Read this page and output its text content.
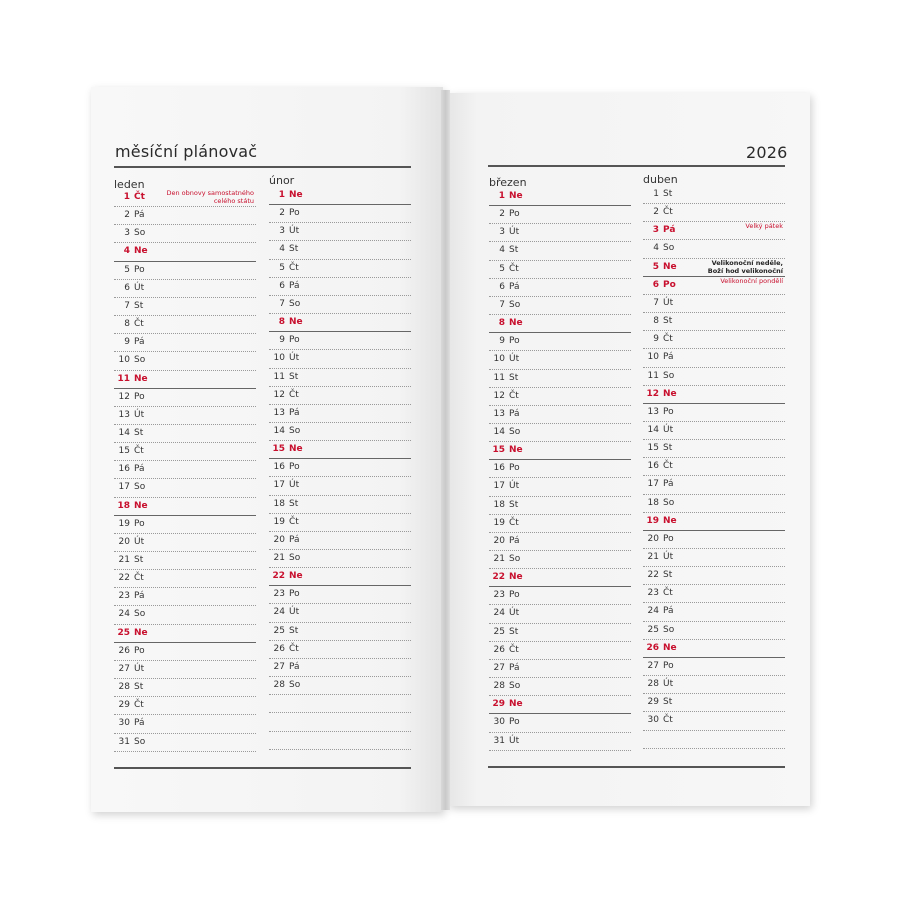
měsíční plánovač	2026
leden
1 Čt	Den obnovy samostatného
celého státu
2 Pá
3 So
4 Ne
5 Po
6 Út
7 St
8 Čt
9 Pá
10 So
11 Ne
12 Po
13 Út
14 St
15 Čt
16 Pá
17 So
18 Ne
19 Po
20 Út
21 St
22 Čt
23 Pá
24 So
25 Ne
26 Po
27 Út
28 St
29 Čt
30 Pá
31 So
únor
1 Ne
2 Po
3 Út
4 St
5 Čt
6 Pá
7 So
8 Ne
9 Po
10 Út
11 St
12 Čt
13 Pá
14 So
15 Ne
16 Po
17 Út
18 St
19 Čt
20 Pá
21 So
22 Ne
23 Po
24 Út
25 St
26 Čt
27 Pá
28 So
březen
1 Ne
2 Po
3 Út
4 St
5 Čt
6 Pá
7 So
8 Ne
9 Po
10 Út
11 St
12 Čt
13 Pá
14 So
15 Ne
16 Po
17 Út
18 St
19 Čt
20 Pá
21 So
22 Ne
23 Po
24 Út
25 St
26 Čt
27 Pá
28 So
29 Ne
30 Po
31 Út
duben
1 St
2 Čt
3 Pá	Velký pátek
4 So
5 Ne	Velikonoční neděle,
Boží hod velikonoční
6 Po	Velikonoční pondělí
7 Út
8 St
9 Čt
10 Pá
11 So
12 Ne
13 Po
14 Út
15 St
16 Čt
17 Pá
18 So
19 Ne
20 Po
21 Út
22 St
23 Čt
24 Pá
25 So
26 Ne
27 Po
28 Út
29 St
30 Čt
